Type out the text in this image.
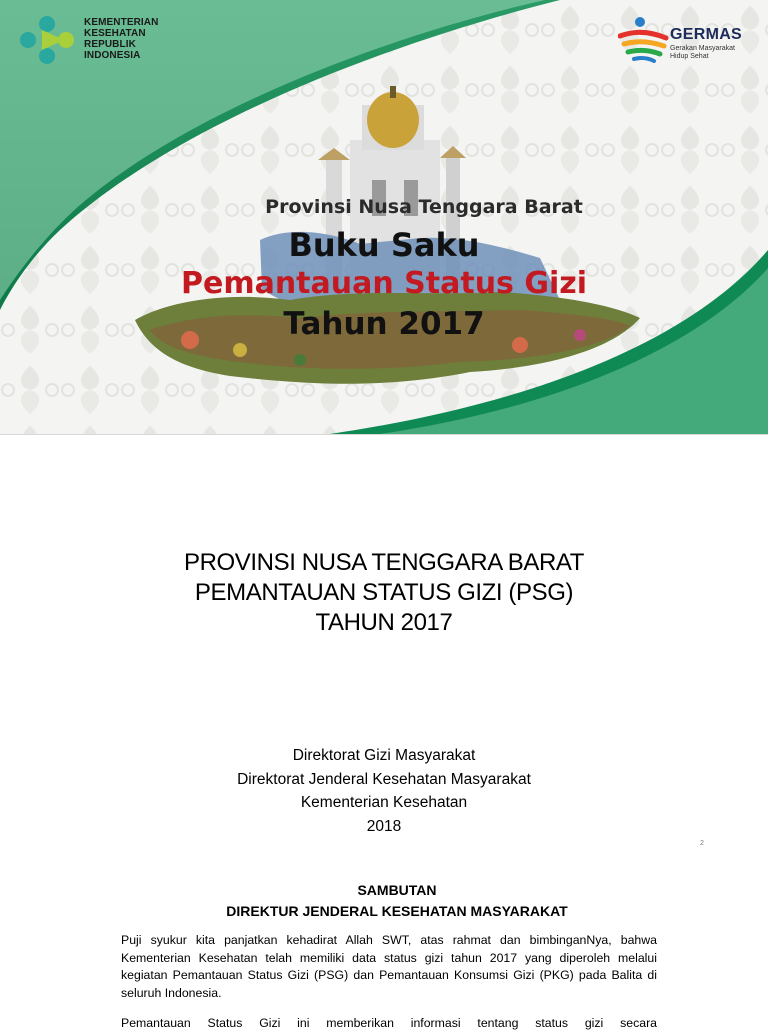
KEMENTERIAN
KESEHATAN
REPUBLIK
INDONESIA
GERMAS
Gerakan Masyarakat Hidup Sehat
Provinsi Nusa Tenggara Barat
Buku Saku
Pemantauan Status Gizi
Tahun 2017
PROVINSI NUSA TENGGARA BARAT
PEMANTAUAN STATUS GIZI (PSG)
TAHUN 2017
Direktorat Gizi Masyarakat
Direktorat Jenderal Kesehatan Masyarakat
Kementerian Kesehatan
2018
2
SAMBUTAN
DIREKTUR JENDERAL KESEHATAN MASYARAKAT

Puji syukur kita panjatkan kehadirat Allah SWT, atas rahmat dan bimbinganNya, bahwa Kementerian Kesehatan telah memiliki data status gizi tahun 2017 yang diperoleh melalui kegiatan Pemantauan Status Gizi (PSG) dan Pemantauan Konsumsi Gizi (PKG) pada Balita di seluruh Indonesia.

Pemantauan Status Gizi ini memberikan informasi tentang status gizi secara
